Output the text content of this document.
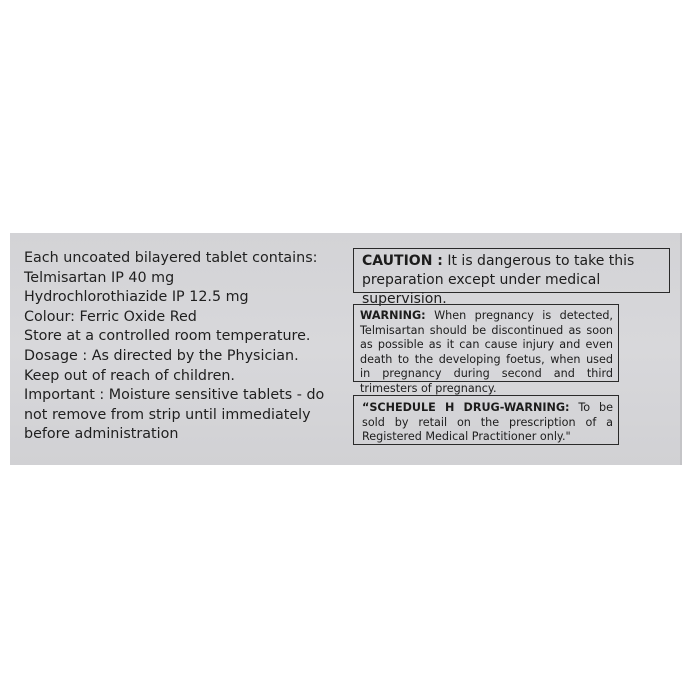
Each uncoated bilayered tablet contains:
Telmisartan IP 40 mg
Hydrochlorothiazide IP 12.5 mg
Colour: Ferric Oxide Red
Store at a controlled room temperature.
Dosage : As directed by the Physician.
Keep out of reach of children.
Important : Moisture sensitive tablets - do not remove from strip until immediately before administration
CAUTION : It is dangerous to take this preparation except under medical supervision.
WARNING: When pregnancy is detected, Telmisartan should be discontinued as soon as possible as it can cause injury and even death to the developing foetus, when used in pregnancy during second and third trimesters of pregnancy.
“SCHEDULE H DRUG-WARNING: To be sold by retail on the prescription of a Registered Medical Practitioner only."
